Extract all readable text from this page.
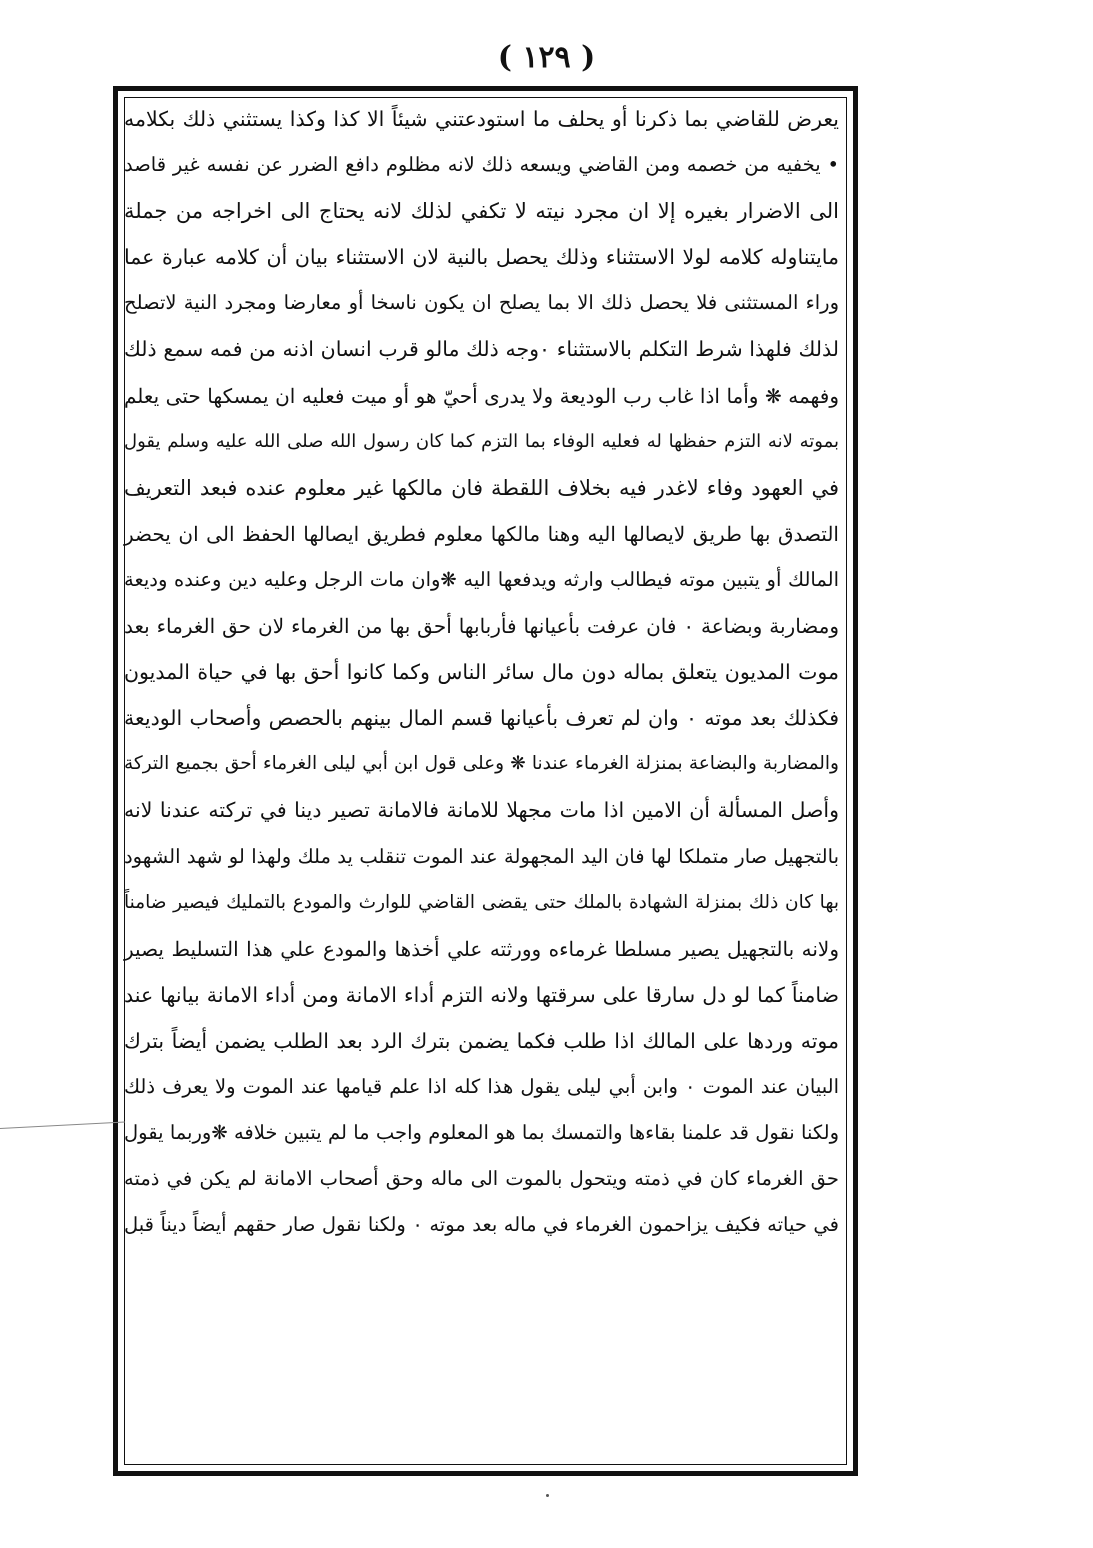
( ١٢٩ )
يعرض للقاضي بما ذكرنا أو يحلف ما استودعتني شيئاً الا كذا وكذا يستثني ذلك بكلامه
• يخفيه من خصمه ومن القاضي ويسعه ذلك لانه مظلوم دافع الضرر عن نفسه غير قاصد
الى الاضرار بغيره إلا ان مجرد نيته لا تكفي لذلك لانه يحتاج الى اخراجه من جملة
مايتناوله كلامه لولا الاستثناء وذلك يحصل بالنية لان الاستثناء بيان أن كلامه عبارة عما
وراء المستثنى فلا يحصل ذلك الا بما يصلح ان يكون ناسخا أو معارضا ومجرد النية لاتصلح
لذلك فلهذا شرط التكلم بالاستثناء ٠وجه ذلك مالو قرب انسان اذنه من فمه سمع ذلك
وفهمه ❋ وأما اذا غاب رب الوديعة ولا يدرى أحيّ هو أو ميت فعليه ان يمسكها حتى يعلم
بموته لانه التزم حفظها له فعليه الوفاء بما التزم كما كان رسول الله صلى الله عليه وسلم يقول
في العهود وفاء لاغدر فيه بخلاف اللقطة فان مالكها غير معلوم عنده فبعد التعريف
التصدق بها طريق لايصالها اليه وهنا مالكها معلوم فطريق ايصالها الحفظ الى ان يحضر
المالك أو يتبين موته فيطالب وارثه ويدفعها اليه ❋وان مات الرجل وعليه دين وعنده وديعة
ومضاربة وبضاعة ٠ فان عرفت بأعيانها فأربابها أحق بها من الغرماء لان حق الغرماء بعد
موت المديون يتعلق بماله دون مال سائر الناس وكما كانوا أحق بها في حياة المديون
فكذلك بعد موته ٠ وان لم تعرف بأعيانها قسم المال بينهم بالحصص وأصحاب الوديعة
والمضاربة والبضاعة بمنزلة الغرماء عندنا ❋ وعلى قول ابن أبي ليلى الغرماء أحق بجميع التركة
وأصل المسألة أن الامين اذا مات مجهلا للامانة فالامانة تصير دينا في تركته عندنا لانه
بالتجهيل صار متملكا لها فان اليد المجهولة عند الموت تنقلب يد ملك ولهذا لو شهد الشهود
بها كان ذلك بمنزلة الشهادة بالملك حتى يقضى القاضي للوارث والمودع بالتمليك فيصير ضامناً
ولانه بالتجهيل يصير مسلطا غرماءه وورثته علي أخذها والمودع علي هذا التسليط يصير
ضامناً كما لو دل سارقا على سرقتها ولانه التزم أداء الامانة ومن أداء الامانة بيانها عند
موته وردها على المالك اذا طلب فكما يضمن بترك الرد بعد الطلب يضمن أيضاً بترك
البيان عند الموت ٠ وابن أبي ليلى يقول هذا كله اذا علم قيامها عند الموت ولا يعرف ذلك
ولكنا نقول قد علمنا بقاءها والتمسك بما هو المعلوم واجب ما لم يتبين خلافه ❋وربما يقول
حق الغرماء كان في ذمته ويتحول بالموت الى ماله وحق أصحاب الامانة لم يكن في ذمته
في حياته فكيف يزاحمون الغرماء في ماله بعد موته ٠ ولكنا نقول صار حقهم أيضاً ديناً قبل
